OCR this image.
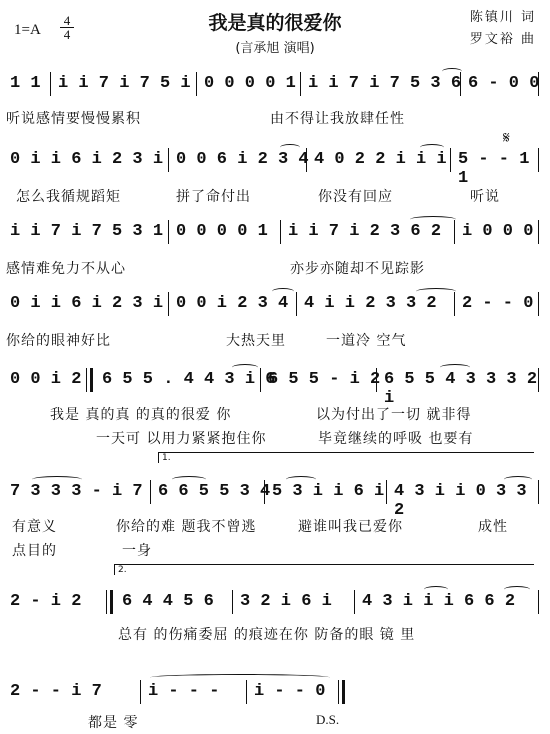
1=A
4
4
我是真的很爱你
(言承旭 演唱)
陈镇川 词
罗文裕 曲
1 1 i i 7 i 7 5 i 0 0 0 0 1 i i 7 i 7 5 3 6 6 - 0 0
听说感情要慢慢累积	由不得让我放肆任性
𝄋
0 i i 6 i 2 3 i 0 0 6 i 2 3 4 4 0 2 2 i i i 5 - - 1 1
怎么我循规蹈矩	拼了命付出	你没有回应	听说
i i 7 i 7 5 3 1 0 0 0 0 1 i i 7 i 2 3 6 2 i 0 0 0
感情难免力不从心	亦步亦随却不见踪影
0 i i 6 i 2 3 i 0 0 i 2 3 4 4 i i 2 3 3 2 2 - - 0
你给的眼神好比	大热天里	一道冷 空气
0 0 i 2 6 5 5 . 4 4 3 i 6
6 5 5 - i 2 6 5 5 4 3 3 3 2 i
我是 真的真 的真的很爱 你	以为付出了一切 就非得
一天可 以用力紧紧抱住你	毕竟继续的呼吸 也要有
1.
7 3 3 3 - i 7 6 6 5 5 3 4 5 3 i i 6 i 4 3 i i 0 3 3 2
有意义	你给的难 题我不曾逃	避谁叫我已爱你	成性
点目的	一身
2.
2 - i 2 6 4 4 5 6 3 2 i 6 i 4 3 i i i 6 6 2
总有 的伤痛委屈 的痕迹在你 防备的眼 镜 里
2 - - i 7	i - - - i - - 0
都是 零	D.S.
